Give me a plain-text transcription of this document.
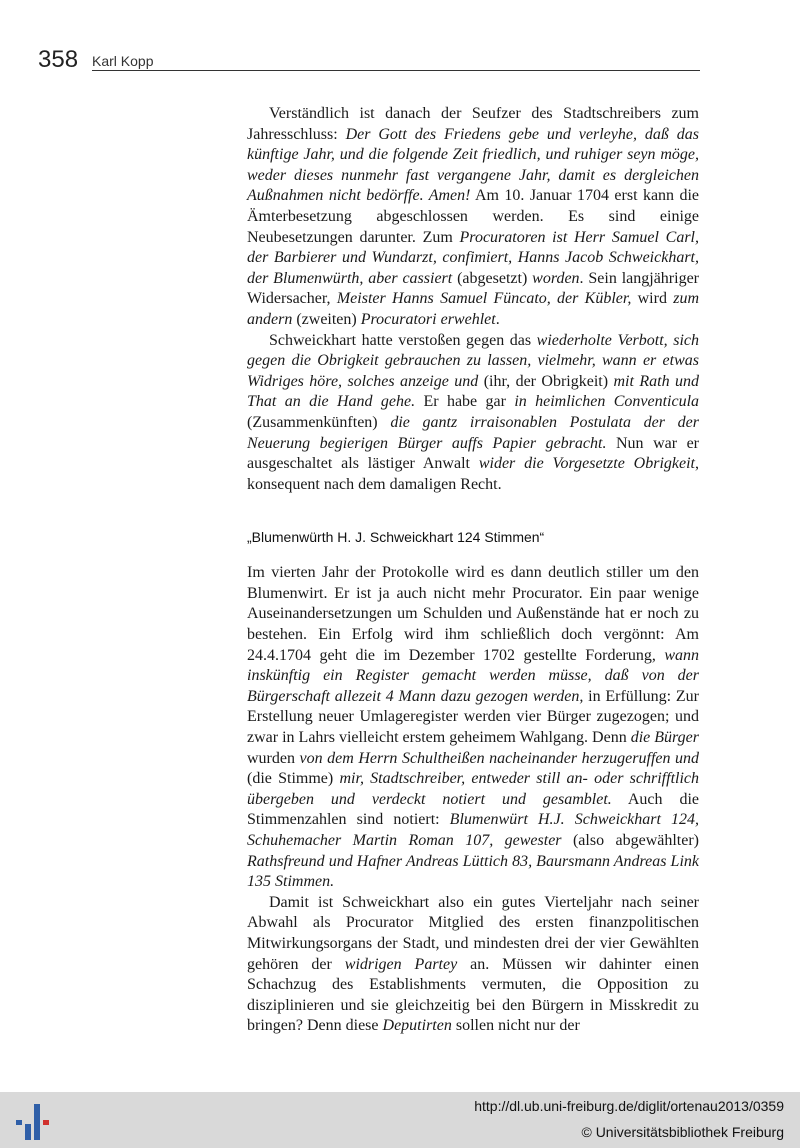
358 Karl Kopp

Verständlich ist danach der Seufzer des Stadtschreibers zum Jahresschluss: Der Gott des Friedens gebe und verleyhe, daß das künftige Jahr, und die folgende Zeit friedlich, und ruhiger seyn möge, weder dieses nunmehr fast vergangene Jahr, damit es dergleichen Außnahmen nicht bedörffe. Amen! Am 10. Januar 1704 erst kann die Ämterbesetzung abgeschlossen werden. Es sind einige Neubesetzungen darunter. Zum Procuratoren ist Herr Samuel Carl, der Barbierer und Wundarzt, confimiert, Hanns Jacob Schweickhart, der Blumenwürth, aber cassiert (abgesetzt) worden. Sein langjähriger Widersacher, Meister Hanns Samuel Füncato, der Kübler, wird zum andern (zweiten) Procuratori erwehlet.

Schweickhart hatte verstoßen gegen das wiederholte Verbott, sich gegen die Obrigkeit gebrauchen zu lassen, vielmehr, wann er etwas Widriges höre, solches anzeige und (ihr, der Obrigkeit) mit Rath und That an die Hand gehe. Er habe gar in heimlichen Conventicula (Zusammenkünften) die gantz irraisonablen Postulata der der Neuerung begierigen Bürger auffs Papier gebracht. Nun war er ausgeschaltet als lästiger Anwalt wider die Vorgesetzte Obrigkeit, konsequent nach dem damaligen Recht.

„Blumenwürth H. J. Schweickhart 124 Stimmen“

Im vierten Jahr der Protokolle wird es dann deutlich stiller um den Blumenwirt. Er ist ja auch nicht mehr Procurator. Ein paar wenige Auseinandersetzungen um Schulden und Außenstände hat er noch zu bestehen. Ein Erfolg wird ihm schließlich doch vergönnt: Am 24.4.1704 geht die im Dezember 1702 gestellte Forderung, wann inskünftig ein Register gemacht werden müsse, daß von der Bürgerschaft allezeit 4 Mann dazu gezogen werden, in Erfüllung: Zur Erstellung neuer Umlageregister werden vier Bürger zugezogen; und zwar in Lahrs vielleicht erstem geheimem Wahlgang. Denn die Bürger wurden von dem Herrn Schultheißen nacheinander herzugeruffen und (die Stimme) mir, Stadtschreiber, entweder still an- oder schrifftlich übergeben und verdeckt notiert und gesamblet. Auch die Stimmenzahlen sind notiert: Blumenwürt H.J. Schweickhart 124, Schuhemacher Martin Roman 107, gewester (also abgewählter) Rathsfreund und Hafner Andreas Lüttich 83, Baursmann Andreas Link 135 Stimmen.

Damit ist Schweickhart also ein gutes Vierteljahr nach seiner Abwahl als Procurator Mitglied des ersten finanzpolitischen Mitwirkungsorgans der Stadt, und mindesten drei der vier Gewählten gehören der widrigen Partey an. Müssen wir dahinter einen Schachzug des Establishments vermuten, die Opposition zu disziplinieren und sie gleichzeitig bei den Bürgern in Misskredit zu bringen? Denn diese Deputirten sollen nicht nur der

http://dl.ub.uni-freiburg.de/diglit/ortenau2013/0359
© Universitätsbibliothek Freiburg
